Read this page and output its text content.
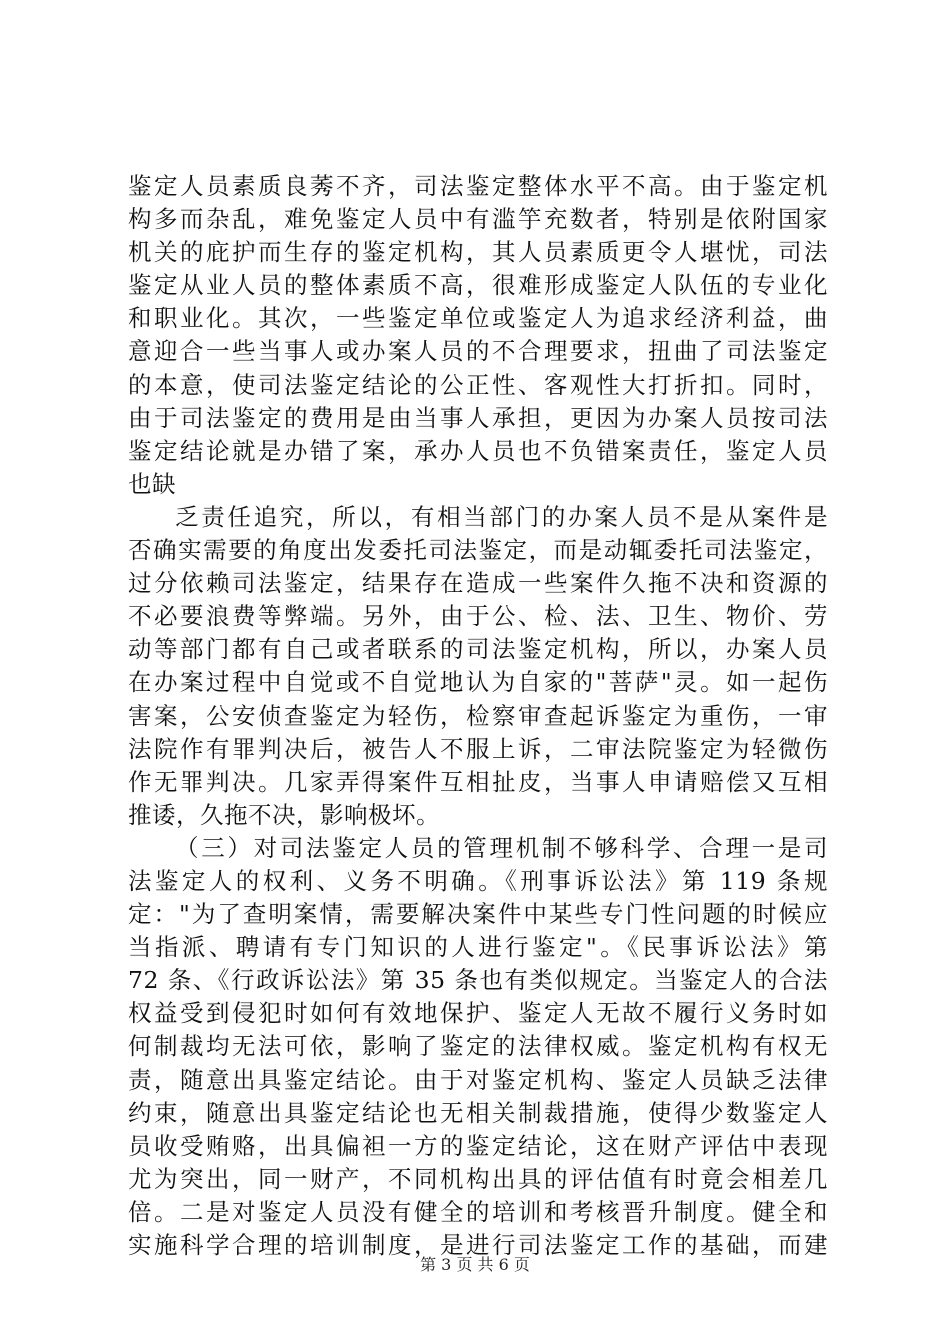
鉴定人员素质良莠不齐，司法鉴定整体水平不高。由于鉴定机
构多而杂乱，难免鉴定人员中有滥竽充数者，特别是依附国家
机关的庇护而生存的鉴定机构，其人员素质更令人堪忧，司法
鉴定从业人员的整体素质不高，很难形成鉴定人队伍的专业化
和职业化。其次，一些鉴定单位或鉴定人为追求经济利益，曲
意迎合一些当事人或办案人员的不合理要求，扭曲了司法鉴定
的本意，使司法鉴定结论的公正性、客观性大打折扣。同时，
由于司法鉴定的费用是由当事人承担，更因为办案人员按司法
鉴定结论就是办错了案，承办人员也不负错案责任，鉴定人员
也缺
乏责任追究，所以，有相当部门的办案人员不是从案件是
否确实需要的角度出发委托司法鉴定，而是动辄委托司法鉴定，
过分依赖司法鉴定，结果存在造成一些案件久拖不决和资源的
不必要浪费等弊端。另外，由于公、检、法、卫生、物价、劳
动等部门都有自己或者联系的司法鉴定机构，所以，办案人员
在办案过程中自觉或不自觉地认为自家的"菩萨"灵。如一起伤
害案，公安侦查鉴定为轻伤，检察审查起诉鉴定为重伤，一审
法院作有罪判决后，被告人不服上诉，二审法院鉴定为轻微伤
作无罪判决。几家弄得案件互相扯皮，当事人申请赔偿又互相
推诿，久拖不决，影响极坏。
（三）对司法鉴定人员的管理机制不够科学、合理一是司
法鉴定人的权利、义务不明确。《刑事诉讼法》第 119 条规
定："为了查明案情，需要解决案件中某些专门性问题的时候应
当指派、聘请有专门知识的人进行鉴定"。《民事诉讼法》第
72 条、《行政诉讼法》第 35 条也有类似规定。当鉴定人的合法
权益受到侵犯时如何有效地保护、鉴定人无故不履行义务时如
何制裁均无法可依，影响了鉴定的法律权威。鉴定机构有权无
责，随意出具鉴定结论。由于对鉴定机构、鉴定人员缺乏法律
约束，随意出具鉴定结论也无相关制裁措施，使得少数鉴定人
员收受贿赂，出具偏袒一方的鉴定结论，这在财产评估中表现
尤为突出，同一财产，不同机构出具的评估值有时竟会相差几
倍。二是对鉴定人员没有健全的培训和考核晋升制度。健全和
实施科学合理的培训制度，是进行司法鉴定工作的基础，而建
第 3 页 共 6 页
